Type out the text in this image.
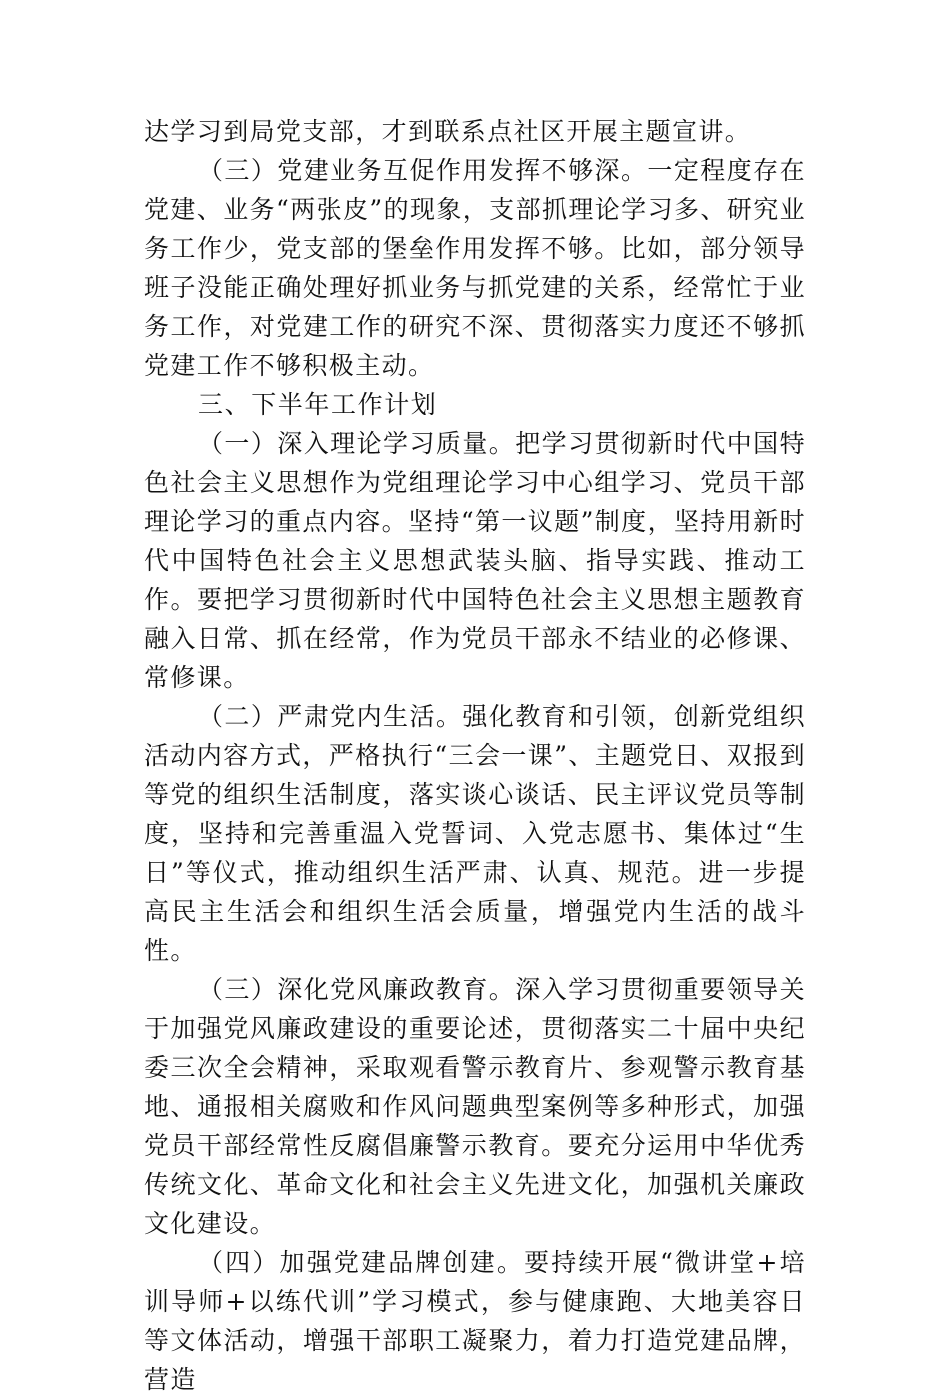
达学习到局党支部，才到联系点社区开展主题宣讲。

（三）党建业务互促作用发挥不够深。一定程度存在党建、业务“两张皮”的现象，支部抓理论学习多、研究业务工作少，党支部的堡垒作用发挥不够。比如，部分领导班子没能正确处理好抓业务与抓党建的关系，经常忙于业务工作，对党建工作的研究不深、贯彻落实力度还不够抓党建工作不够积极主动。

三、下半年工作计划

（一）深入理论学习质量。把学习贯彻新时代中国特色社会主义思想作为党组理论学习中心组学习、党员干部理论学习的重点内容。坚持“第一议题”制度，坚持用新时代中国特色社会主义思想武装头脑、指导实践、推动工作。要把学习贯彻新时代中国特色社会主义思想主题教育融入日常、抓在经常，作为党员干部永不结业的必修课、常修课。

（二）严肃党内生活。强化教育和引领，创新党组织活动内容方式，严格执行“三会一课”、主题党日、双报到等党的组织生活制度，落实谈心谈话、民主评议党员等制度，坚持和完善重温入党誓词、入党志愿书、集体过“生日”等仪式，推动组织生活严肃、认真、规范。进一步提高民主生活会和组织生活会质量，增强党内生活的战斗性。

（三）深化党风廉政教育。深入学习贯彻重要领导关于加强党风廉政建设的重要论述，贯彻落实二十届中央纪委三次全会精神，采取观看警示教育片、参观警示教育基地、通报相关腐败和作风问题典型案例等多种形式，加强党员干部经常性反腐倡廉警示教育。要充分运用中华优秀传统文化、革命文化和社会主义先进文化，加强机关廉政文化建设。

（四）加强党建品牌创建。要持续开展“微讲堂+培训导师+以练代训”学习模式，参与健康跑、大地美容日等文体活动，增强干部职工凝聚力，着力打造党建品牌，营造
